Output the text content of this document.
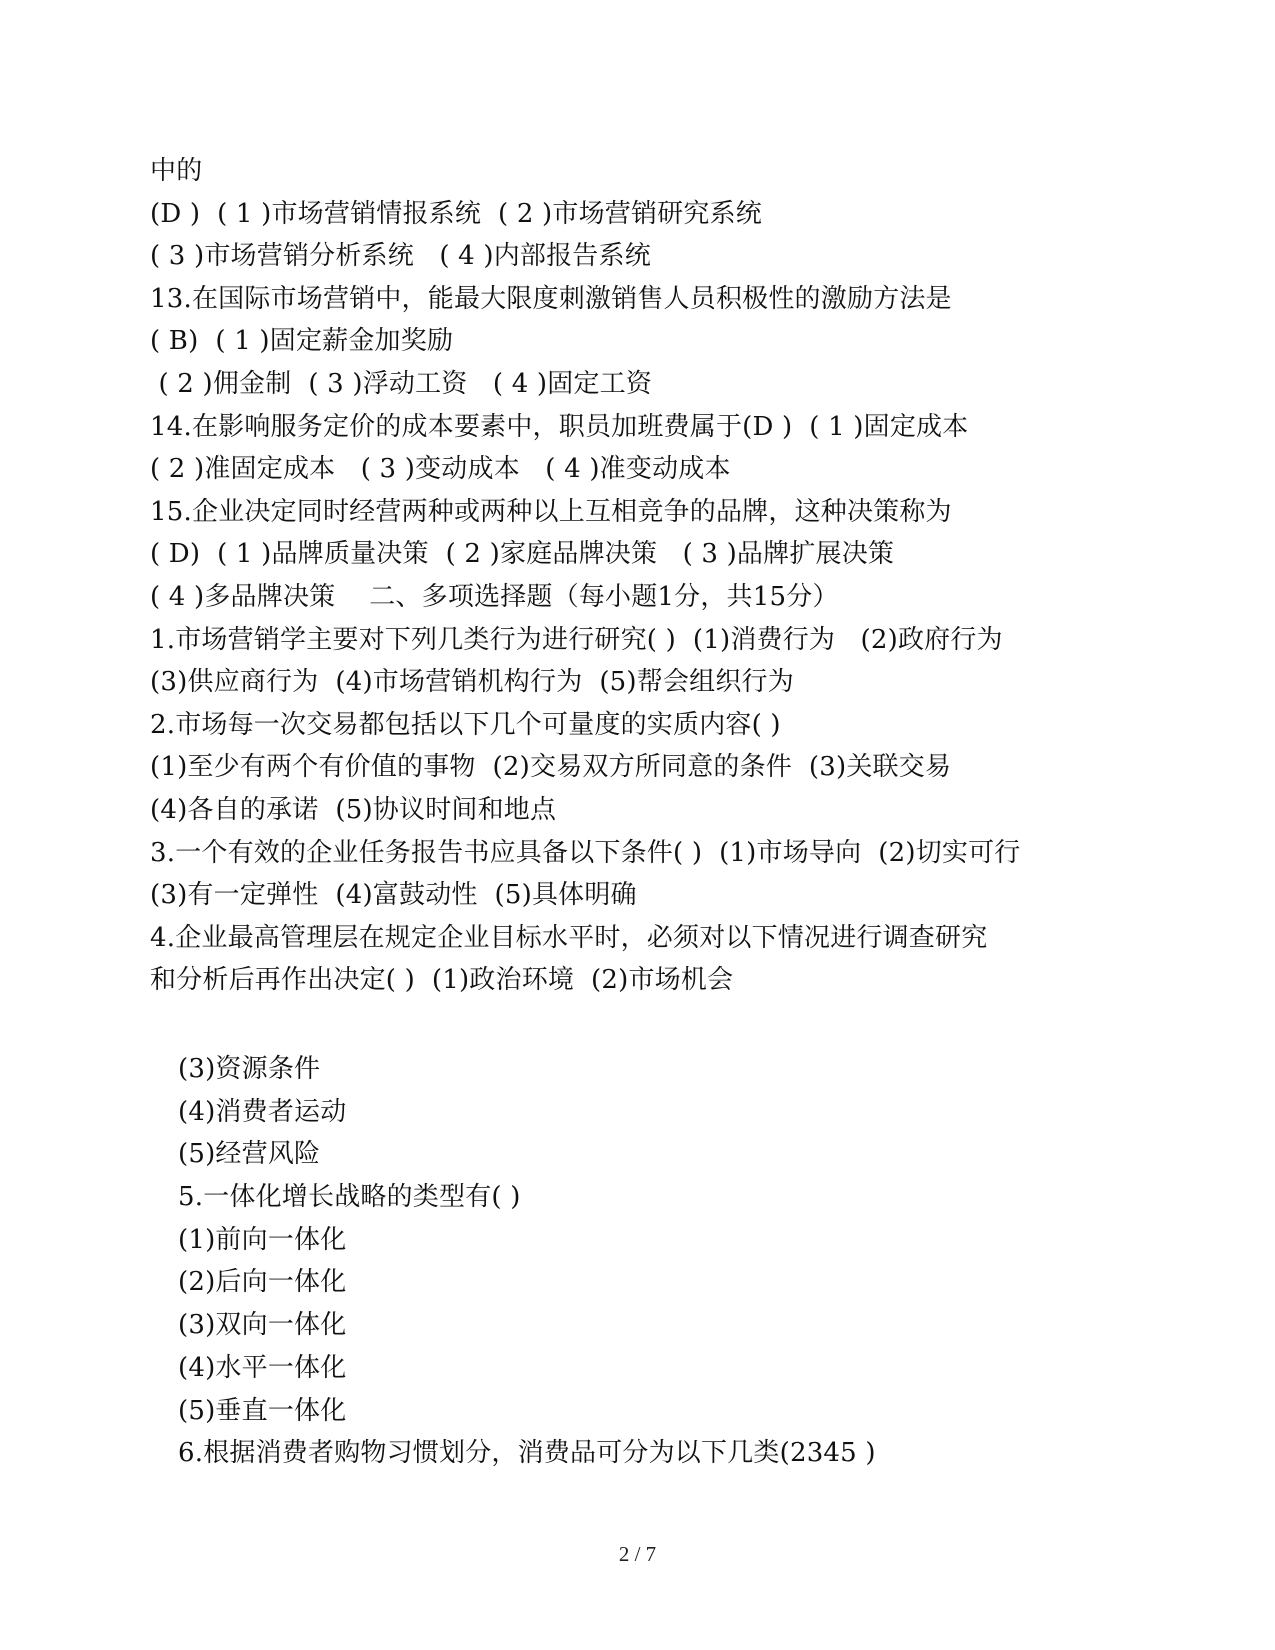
中的
(D )  ( 1 )市场营销情报系统  ( 2 )市场营销研究系统
( 3 )市场营销分析系统   ( 4 )内部报告系统
13.在国际市场营销中，能最大限度刺激销售人员积极性的激励方法是
( B)  ( 1 )固定薪金加奖励
( 2 )佣金制  ( 3 )浮动工资   ( 4 )固定工资
14.在影响服务定价的成本要素中，职员加班费属于(D )  ( 1 )固定成本
( 2 )准固定成本   ( 3 )变动成本   ( 4 )准变动成本
15.企业决定同时经营两种或两种以上互相竞争的品牌，这种决策称为
( D)  ( 1 )品牌质量决策  ( 2 )家庭品牌决策   ( 3 )品牌扩展决策
( 4 )多品牌决策    二、多项选择题（每小题1分，共15分）
1.市场营销学主要对下列几类行为进行研究( )  (1)消费行为   (2)政府行为
(3)供应商行为  (4)市场营销机构行为  (5)帮会组织行为
2.市场每一次交易都包括以下几个可量度的实质内容( )
(1)至少有两个有价值的事物  (2)交易双方所同意的条件  (3)关联交易
(4)各自的承诺  (5)协议时间和地点
3.一个有效的企业任务报告书应具备以下条件( )  (1)市场导向  (2)切实可行
(3)有一定弹性  (4)富鼓动性  (5)具体明确
4.企业最高管理层在规定企业目标水平时，必须对以下情况进行调查研究
和分析后再作出决定( )  (1)政治环境  (2)市场机会
(3)资源条件
(4)消费者运动
(5)经营风险
5.一体化增长战略的类型有( )
(1)前向一体化
(2)后向一体化
(3)双向一体化
(4)水平一体化
(5)垂直一体化
6.根据消费者购物习惯划分，消费品可分为以下几类(2345 )
2 / 7
